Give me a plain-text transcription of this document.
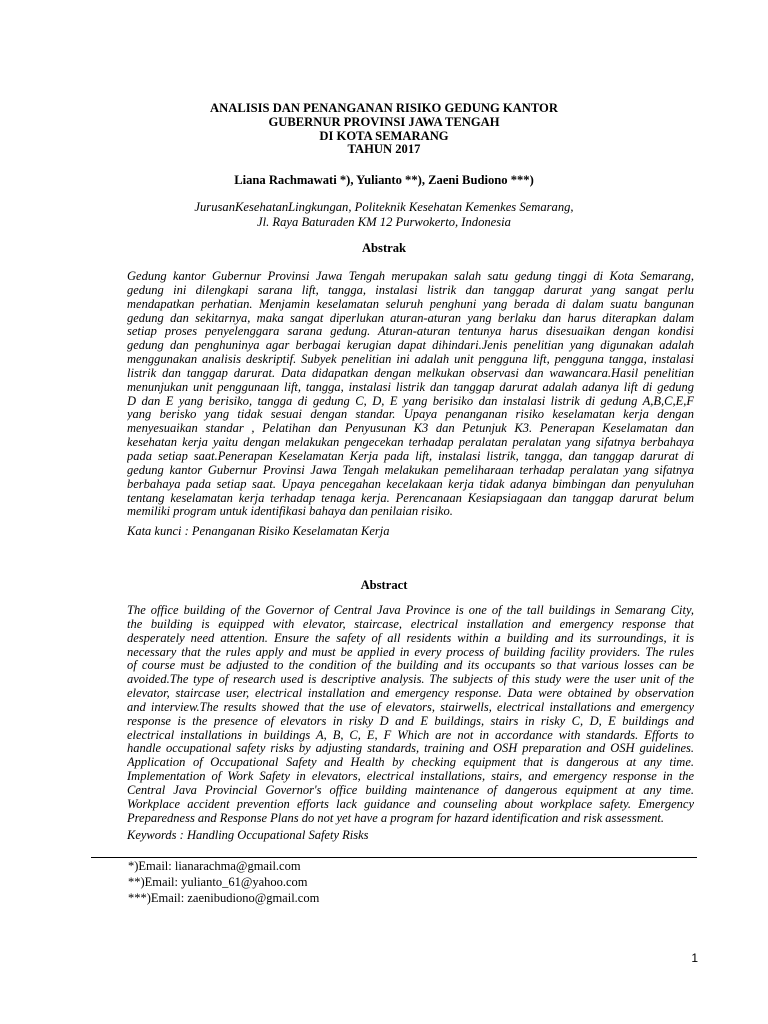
ANALISIS DAN PENANGANAN RISIKO GEDUNG KANTOR
GUBERNUR PROVINSI JAWA TENGAH
DI KOTA SEMARANG
TAHUN 2017
Liana Rachmawati *), Yulianto **), Zaeni Budiono ***)
JurusanKesehatanLingkungan, Politeknik Kesehatan Kemenkes Semarang,
Jl. Raya Baturaden KM 12 Purwokerto, Indonesia
Abstrak
Gedung kantor Gubernur Provinsi Jawa Tengah merupakan salah satu gedung tinggi di Kota Semarang,
gedung ini dilengkapi sarana lift, tangga, instalasi listrik dan tanggap darurat yang sangat perlu
mendapatkan perhatian. Menjamin keselamatan seluruh penghuni yang berada di dalam suatu bangunan
gedung dan sekitarnya, maka sangat diperlukan aturan-aturan yang berlaku dan harus diterapkan dalam
setiap proses penyelenggara sarana gedung. Aturan-aturan tentunya harus disesuaikan dengan kondisi
gedung dan penghuninya agar berbagai kerugian dapat dihindari.Jenis penelitian yang digunakan adalah
menggunakan analisis deskriptif. Subyek penelitian ini adalah unit pengguna lift, pengguna tangga, instalasi
listrik dan tanggap darurat. Data didapatkan dengan melkukan observasi dan wawancara.Hasil penelitian
menunjukan unit penggunaan lift, tangga, instalasi listrik dan tanggap darurat adalah adanya lift di gedung
D dan E yang berisiko, tangga di gedung C, D, E yang berisiko dan instalasi listrik di gedung A,B,C,E,F
yang berisko yang tidak sesuai dengan standar. Upaya penanganan risiko keselamatan kerja dengan
menyesuaikan standar , Pelatihan dan Penyusunan K3 dan Petunjuk K3. Penerapan Keselamatan dan
kesehatan kerja yaitu dengan melakukan pengecekan terhadap peralatan peralatan yang sifatnya berbahaya
pada setiap saat.Penerapan Keselamatan Kerja pada lift, instalasi listrik, tangga, dan tanggap darurat di
gedung kantor Gubernur Provinsi Jawa Tengah melakukan pemeliharaan terhadap peralatan yang sifatnya
berbahaya pada setiap saat. Upaya pencegahan kecelakaan kerja tidak adanya bimbingan dan penyuluhan
tentang keselamatan kerja terhadap tenaga kerja. Perencanaan Kesiapsiagaan dan tanggap darurat belum
memiliki program untuk identifikasi bahaya dan penilaian risiko.
Kata kunci : Penanganan Risiko Keselamatan Kerja
Abstract
The office building of the Governor of Central Java Province is one of the tall buildings in Semarang City,
the building is equipped with elevator, staircase, electrical installation and emergency response that
desperately need attention. Ensure the safety of all residents within a building and its surroundings, it is
necessary that the rules apply and must be applied in every process of building facility providers. The rules
of course must be adjusted to the condition of the building and its occupants so that various losses can be
avoided.The type of research used is descriptive analysis. The subjects of this study were the user unit of the
elevator, staircase user, electrical installation and emergency response. Data were obtained by observation
and interview.The results showed that the use of elevators, stairwells, electrical installations and emergency
response is the presence of elevators in risky D and E buildings, stairs in risky C, D, E buildings and
electrical installations in buildings A, B, C, E, F Which are not in accordance with standards. Efforts to
handle occupational safety risks by adjusting standards, training and OSH preparation and OSH guidelines.
Application of Occupational Safety and Health by checking equipment that is dangerous at any time.
Implementation of Work Safety in elevators, electrical installations, stairs, and emergency response in the
Central Java Provincial Governor's office building maintenance of dangerous equipment at any time.
Workplace accident prevention efforts lack guidance and counseling about workplace safety. Emergency
Preparedness and Response Plans do not yet have a program for hazard identification and risk assessment.
Keywords : Handling Occupational Safety Risks
*)Email: lianarachma@gmail.com
**)Email: yulianto_61@yahoo.com
***)Email: zaenibudiono@gmail.com
1
